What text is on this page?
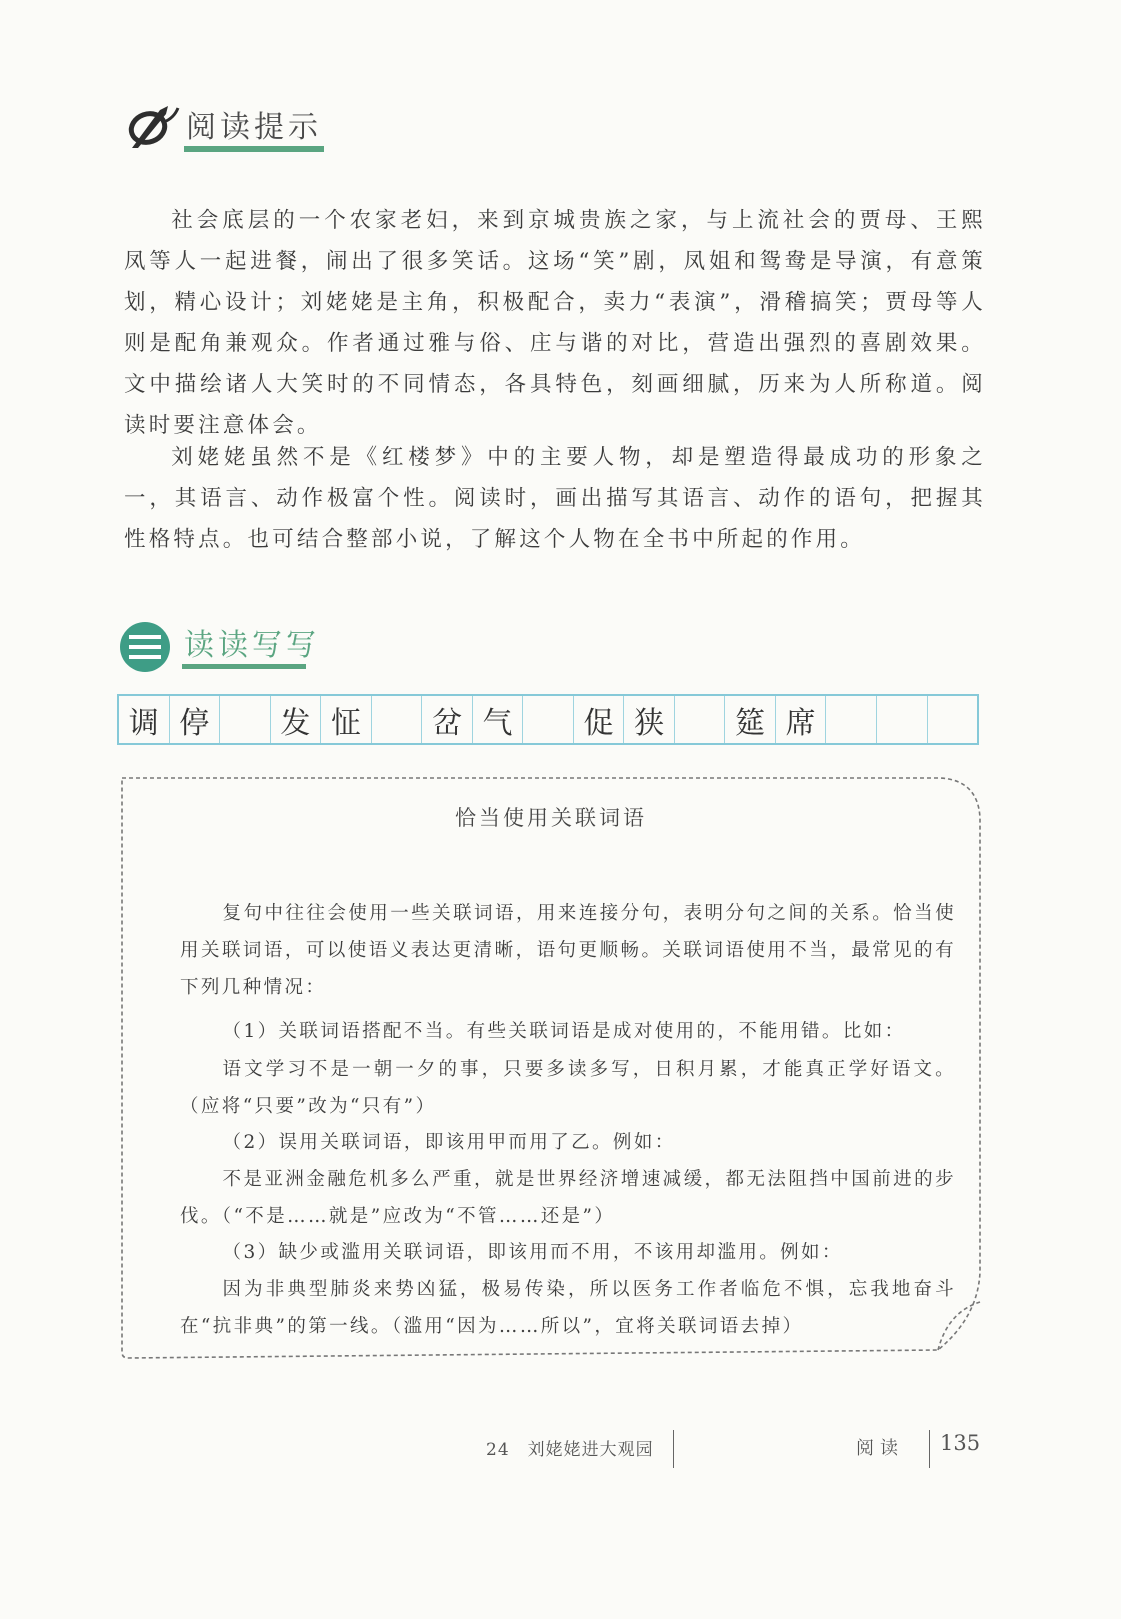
阅读提示

社会底层的一个农家老妇，来到京城贵族之家，与上流社会的贾母、王熙凤等人一起进餐，闹出了很多笑话。这场“笑”剧，凤姐和鸳鸯是导演，有意策划，精心设计；刘姥姥是主角，积极配合，卖力“表演”，滑稽搞笑；贾母等人则是配角兼观众。作者通过雅与俗、庄与谐的对比，营造出强烈的喜剧效果。文中描绘诸人大笑时的不同情态，各具特色，刻画细腻，历来为人所称道。阅读时要注意体会。

刘姥姥虽然不是《红楼梦》中的主要人物，却是塑造得最成功的形象之一，其语言、动作极富个性。阅读时，画出描写其语言、动作的语句，把握其性格特点。也可结合整部小说，了解这个人物在全书中所起的作用。

读读写写
调 停	发 怔	岔 气	促 狭	筵 席
恰当使用关联词语

复句中往往会使用一些关联词语，用来连接分句，表明分句之间的关系。恰当使用关联词语，可以使语义表达更清晰，语句更顺畅。关联词语使用不当，最常见的有下列几种情况：

（1）关联词语搭配不当。有些关联词语是成对使用的，不能用错。比如：

语文学习不是一朝一夕的事，只要多读多写，日积月累，才能真正学好语文。（应将“只要”改为“只有”）

（2）误用关联词语，即该用甲而用了乙。例如：

不是亚洲金融危机多么严重，就是世界经济增速减缓，都无法阻挡中国前进的步伐。（“不是……就是”应改为“不管……还是”）

（3）缺少或滥用关联词语，即该用而不用，不该用却滥用。例如：

因为非典型肺炎来势凶猛，极易传染，所以医务工作者临危不惧，忘我地奋斗在“抗非典”的第一线。（滥用“因为……所以”，宜将关联词语去掉）

24　刘姥姥进大观园	阅读 135
